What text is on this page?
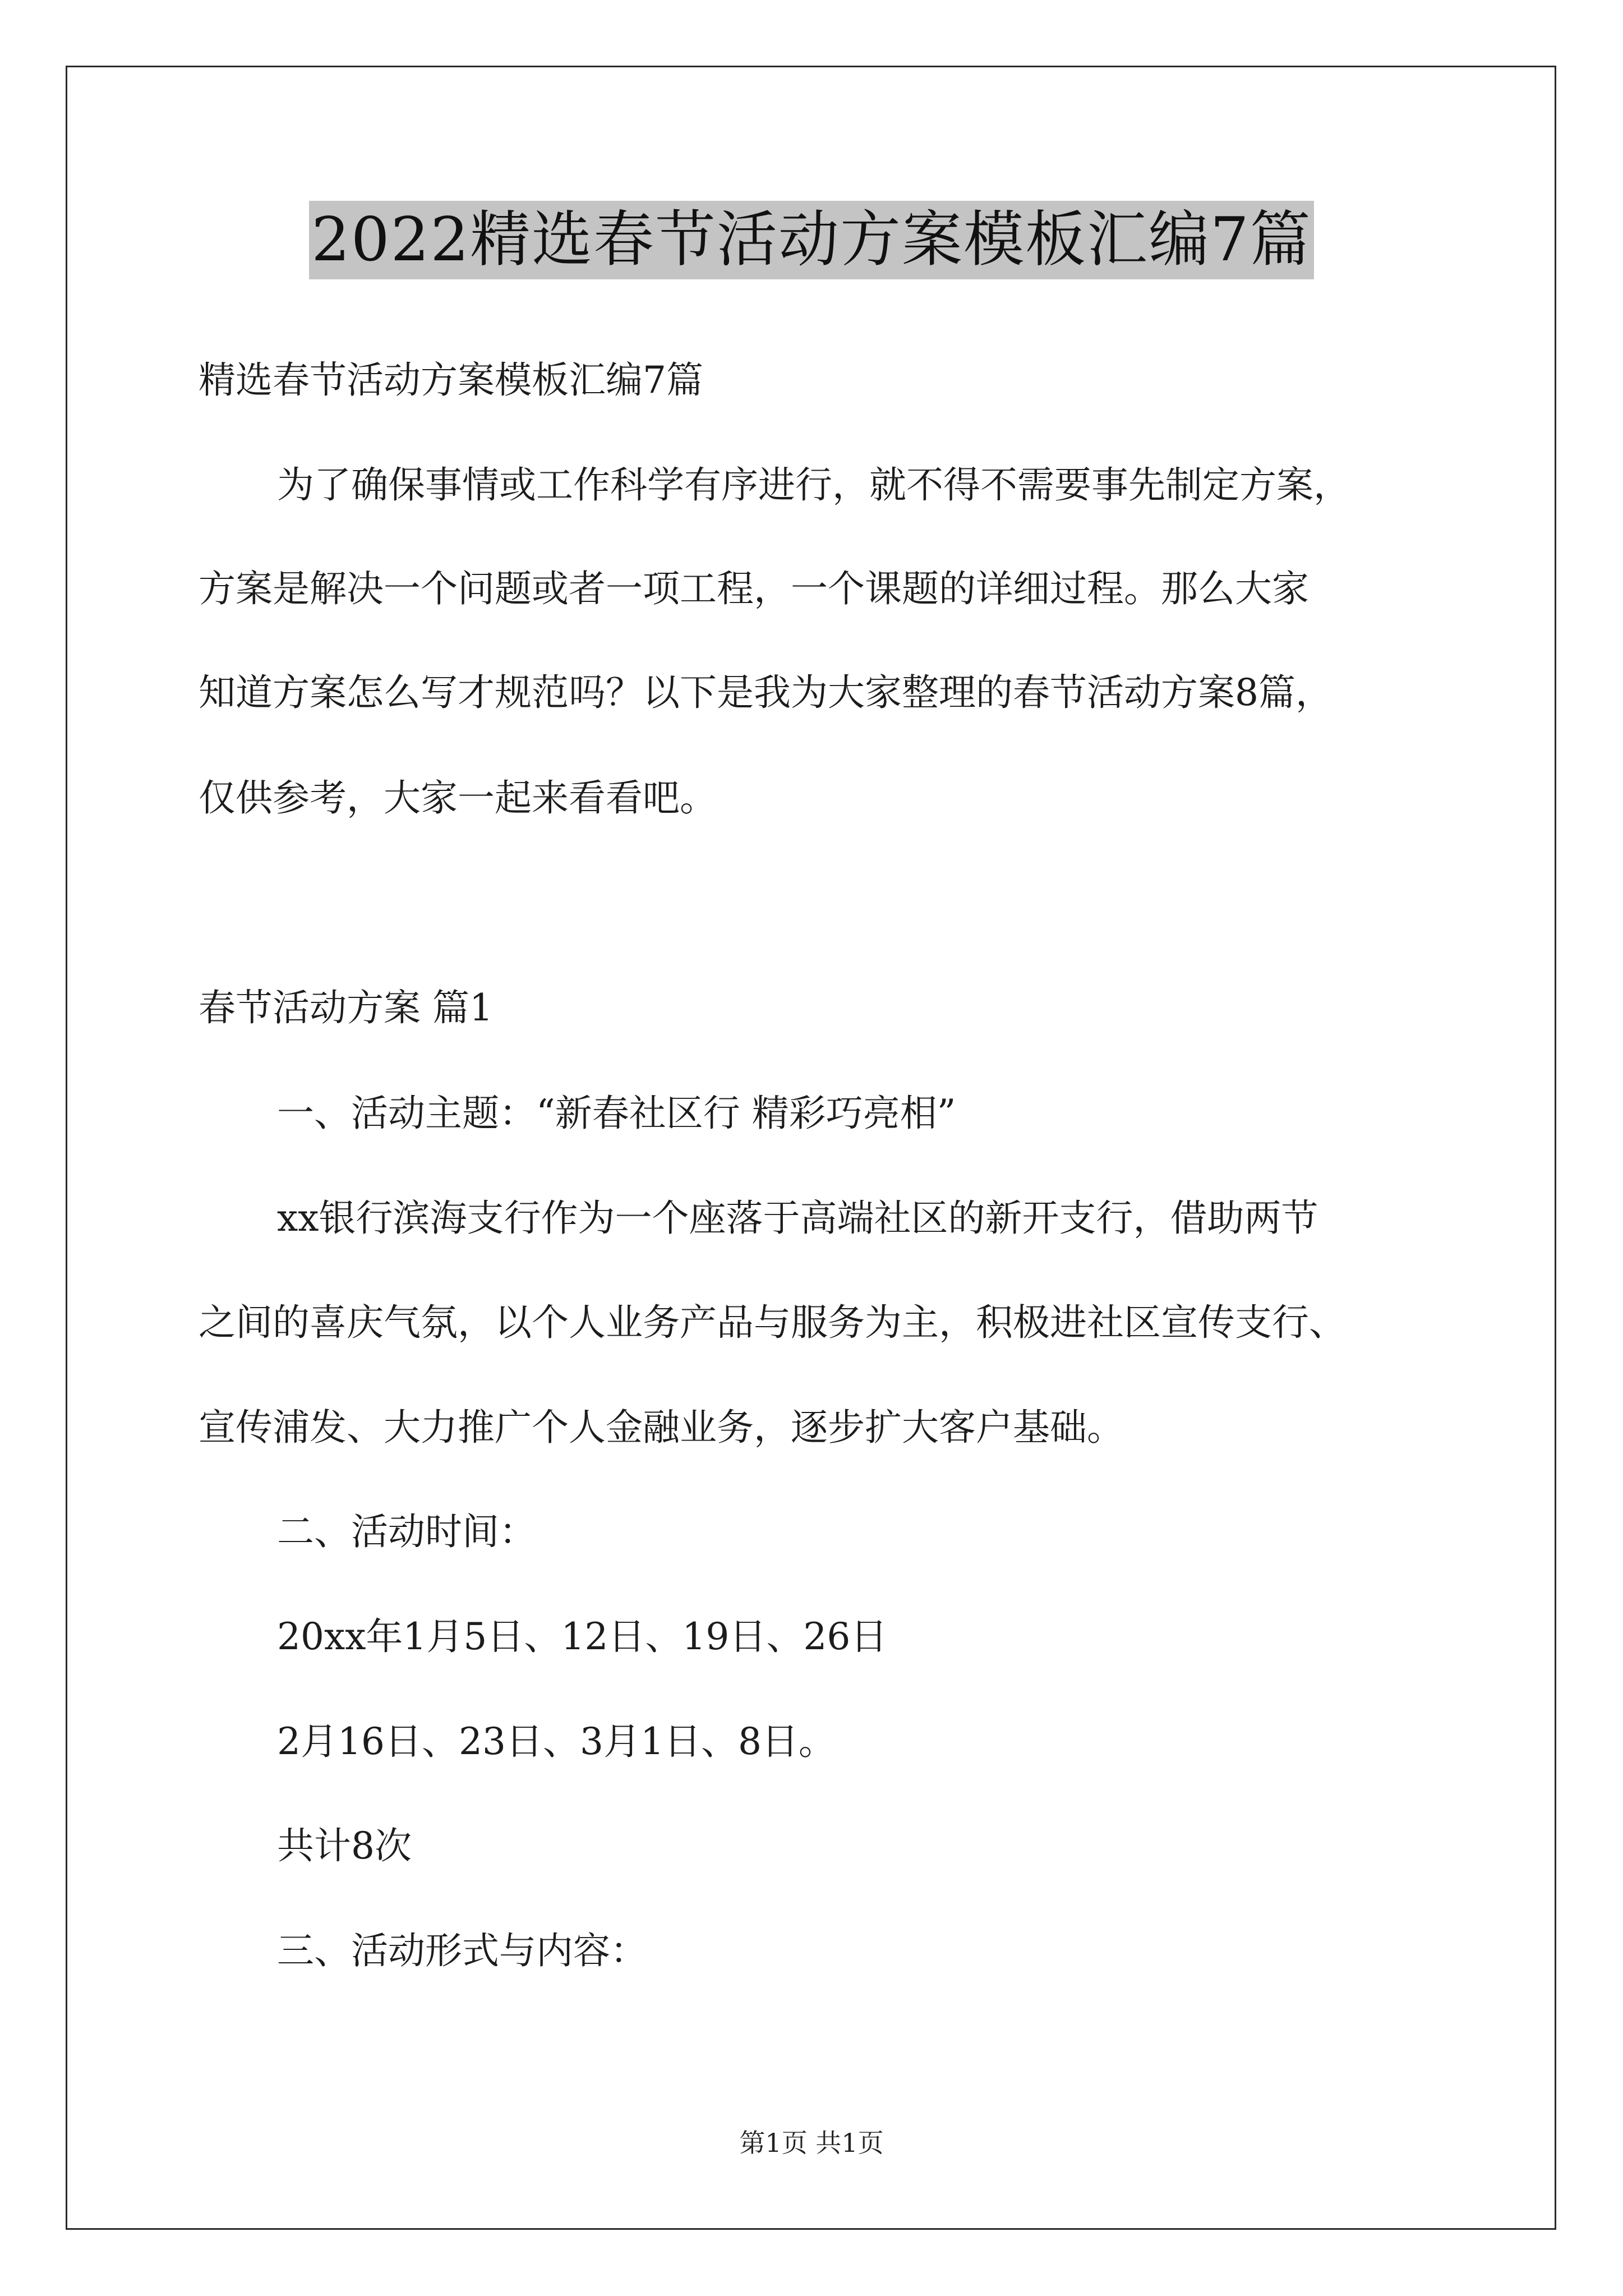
2022精选春节活动方案模板汇编7篇
精选春节活动方案模板汇编7篇
为了确保事情或工作科学有序进行，就不得不需要事先制定方案，
方案是解决一个问题或者一项工程，一个课题的详细过程。那么大家
知道方案怎么写才规范吗？以下是我为大家整理的春节活动方案8篇，
仅供参考，大家一起来看看吧。
春节活动方案 篇1
一、活动主题：“新春社区行 精彩巧亮相”
xx银行滨海支行作为一个座落于高端社区的新开支行，借助两节
之间的喜庆气氛，以个人业务产品与服务为主，积极进社区宣传支行、
宣传浦发、大力推广个人金融业务，逐步扩大客户基础。
二、活动时间：
20xx年1月5日、12日、19日、26日
2月16日、23日、3月1日、8日。
共计8次
三、活动形式与内容：
第1页 共1页
